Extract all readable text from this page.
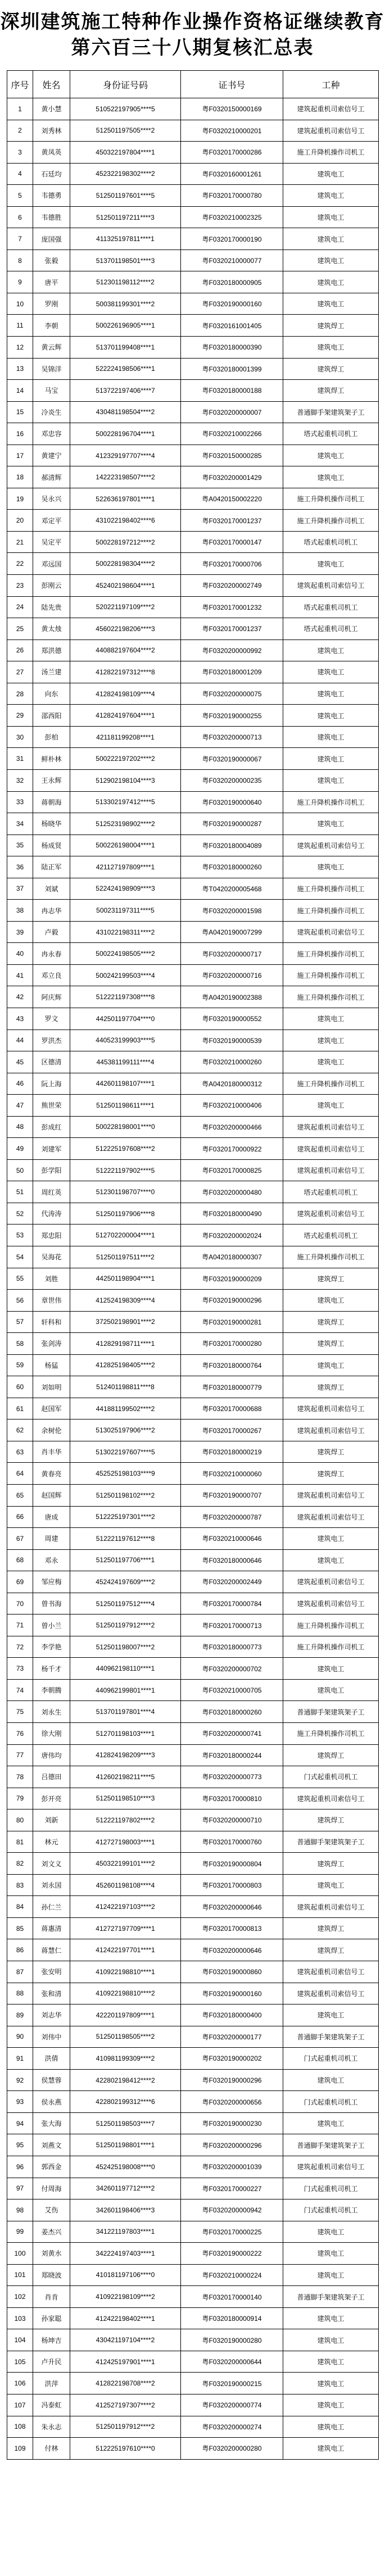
深圳建筑施工特种作业操作资格证继续教育
第六百三十八期复核汇总表
序号	姓名	身份证号码	证书号	工种
1	黄小慧	510522197905****5	粤F0320150000169	建筑起重机司索信号工
2	刘秀林	512501197505****2	粤F0320210000201	建筑起重机司索信号工
3	黄凤英	450322197804****1	粤F0320170000286	施工升降机操作司机工
4	石廷均	452322198302****2	粤F0320160001261	建筑电工
5	韦德勇	512501197601****5	粤F0320170000780	建筑电工
6	韦德胜	512501197211****3	粤F0320210002325	建筑电工
7	庞国强	411325197811****1	粤F0320170000190	建筑电工
8	张毅	513701198501****3	粤F0320210000077	建筑电工
9	唐平	512301198112****2	粤F0320180000905	建筑电工
10	罗刚	500381199301****2	粤F0320190000160	建筑电工
11	李朝	500226196905****1	粤F0320161001405	建筑焊工
12	黄云辉	513701199408****1	粤F0320180000390	建筑电工
13	吴锦洋	522224198506****1	粤F0320180001399	建筑焊工
14	马宝	513722197406****7	粤F0320180000188	建筑焊工
15	冷炎生	430481198504****2	粤F0320200000007	普通脚手架建筑架子工
16	邓忠容	500228196704****1	粤F0320210002266	塔式起重机司机工
17	黄建宁	412329197707****4	粤F0320150000285	建筑电工
18	郝清辉	142223198507****2	粤F0320200001429	建筑电工
19	吴永兴	522636197801****1	粤A0420150002220	施工升降机操作司机工
20	邓定平	431022198402****6	粤F0320170001237	施工升降机操作司机工
21	吴定平	500228197212****2	粤F0320170000147	塔式起重机司机工
22	邓远国	500228198304****2	粤F0320170000706	建筑电工
23	彭刚云	452402198604****1	粤F0320200002749	建筑起重机司索信号工
24	陆先贵	520221197109****2	粤F0320170001232	塔式起重机司机工
25	黄太烛	456022198206****3	粤F0320170001237	塔式起重机司机工
26	郑洪德	440882197604****2	粤F0320200000992	建筑电工
27	汤兰建	412822197312****8	粤F0320180001209	建筑电工
28	向东	412824198109****4	粤F0320200000075	建筑电工
29	邵西阳	412824197604****1	粤F0320190000255	建筑电工
30	彭柏	421181199208****1	粤F0320200000713	建筑电工
31	鲜朴林	500222197202****2	粤F0320190000067	建筑电工
32	王永辉	512902198104****3	粤F0320200000235	建筑电工
33	蒋朝海	513302197412****5	粤F0320190000640	施工升降机操作司机工
34	杨晓华	512523198902****2	粤F0320190000287	建筑电工
35	杨成贤	500226198004****1	粤F0320180004089	建筑起重机司索信号工
36	陆正军	421127197809****1	粤F0320180000260	建筑电工
37	刘斌	522424198909****3	粤T0420200005468	施工升降机操作司机工
38	冉志华	500231197311****5	粤F0320200001598	施工升降机操作司机工
39	卢毅	431022198311****2	粤A0420190007299	建筑起重机司索信号工
40	冉永春	500224198505****2	粤F0320200000717	施工升降机操作司机工
41	邓立良	500242199503****4	粤F0320200000716	施工升降机操作司机工
42	阿庆辉	512221197308****8	粤A0420190002388	施工升降机操作司机工
43	罗文	442501197704****0	粤F0320190000552	建筑电工
44	罗洪杰	440523199903****5	粤F0320190000539	建筑电工
45	区德清	445381199111****4	粤F0320210000260	建筑电工
46	阮上海	442601198107****1	粤A0420180000312	施工升降机操作司机工
47	熊世荣	512501198611****1	粤F0320210000406	建筑电工
48	彭成红	500228198001****0	粤F0320200000466	建筑起重机司索信号工
49	刘建军	512225197608****2	粤F0320170000922	建筑起重机司索信号工
50	彭学阳	512221197902****5	粤F0320170000825	建筑起重机司索信号工
51	周红英	512301198707****0	粤F0320200000480	塔式起重机司机工
52	代涛涛	512501197906****8	粤F0320180000490	建筑起重机司索信号工
53	郑忠阳	512702200004****1	粤F0320200002024	塔式起重机司机工
54	吴海花	512501197511****2	粤A0420180000307	施工升降机操作司机工
55	刘胜	442501198904****1	粤F0320190000209	建筑焊工
56	章世伟	412524198309****4	粤F0320190000296	建筑电工
57	轩科和	372502198901****2	粤F0320190000281	建筑焊工
58	张剑涛	412829198711****1	粤F0320170000280	建筑焊工
59	杨猛	412825198405****2	粤F0320180000764	建筑电工
60	刘如明	512401198811****8	粤F0320180000779	建筑焊工
61	赵国军	441881199502****2	粤F0320170000688	建筑起重机司索信号工
62	余树伦	513025197906****2	粤F0320170000267	建筑起重机司索信号工
63	肖丰华	513022197607****5	粤F0320180000219	建筑焊工
64	黄春亮	452525198103****9	粤F0320210000060	建筑焊工
65	赵国辉	512501198102****2	粤F0320190000707	建筑起重机司索信号工
66	唐成	512225197301****2	粤F0320200000787	建筑起重机司索信号工
67	周建	512221197612****8	粤F0320210000646	建筑电工
68	邓永	512501197706****1	粤F0320180000646	建筑电工
69	邹应梅	452424197609****2	粤F0320200002449	建筑起重机司索信号工
70	曾书海	512501197512****4	粤F0320170000784	建筑起重机司索信号工
71	曾小兰	512501197912****2	粤F0320170000713	施工升降机操作司机工
72	李学艳	512501198007****2	粤F0320180000773	施工升降机操作司机工
73	杨千才	440962198110****1	粤F0320200000702	建筑电工
74	李朝腾	440962199801****1	粤F0320210000705	建筑电工
75	刘永生	513701197801****4	粤F0320180000260	普通脚手架建筑架子工
76	徐大刚	512701198103****1	粤F0320200000741	施工升降机操作司机工
77	唐伟均	412824198209****3	粤F0320180000244	建筑焊工
78	吕德田	412602198211****5	粤F0320200000773	门式起重机司机工
79	彭开亮	512501198510****3	粤F0320170000810	建筑起重机司索信号工
80	刘新	512221197802****2	粤F0320200000710	建筑焊工
81	林元	412727198003****1	粤F0320170000760	普通脚手架建筑架子工
82	刘文义	450322199101****2	粤F0320190000804	建筑焊工
83	刘永国	452601198108****4	粤F0320170000803	建筑电工
84	孙仁兰	412422197103****2	粤F0320200000646	建筑起重机司索信号工
85	蒋惠清	412727197709****1	粤F0320170000813	建筑焊工
86	蒋慧仁	412422197701****1	粤F0320200000646	建筑焊工
87	张安明	410922198810****1	粤F0320190000860	建筑起重机司索信号工
88	张和清	410922198810****2	粤F0320190000160	建筑起重机司索信号工
89	刘志华	422201197809****1	粤F0320180000400	建筑电工
90	刘伟中	512501198505****2	粤F0320200000177	普通脚手架建筑架子工
91	洪倩	410981199309****2	粤F0320190000202	门式起重机司机工
92	侯慧蓉	422802198412****2	粤F0320190000296	建筑电工
93	侯永燕	422802199312****6	粤F0320200000656	门式起重机司机工
94	张大海	512501198503****7	粤F0320190000230	建筑电工
95	刘燕文	512501198801****1	粤F0320200000296	普通脚手架建筑架子工
96	郭西金	452425198008****0	粤F0320200001039	建筑起重机司索信号工
97	付周海	342601197712****2	粤F0320170000227	门式起重机司机工
98	艾伤	342601198406****3	粤F0320200000942	门式起重机司机工
99	姜杰兴	341221197803****1	粤F0320170000225	建筑电工
100	刘黄水	342224197403****1	粤F0320190000222	建筑电工
101	郑晓波	410181197106****0	粤F0320210000224	建筑电工
102	肖肯	410922198109****2	粤F0320170000140	普通脚手架建筑架子工
103	孙家聪	412422198402****1	粤F0320180000914	建筑电工
104	杨坤吉	430421197104****2	粤F0320190000280	建筑电工
105	卢升民	412425197901****1	粤F0320200000644	建筑电工
106	洪萍	412822198708****2	粤F0320190000215	建筑电工
107	冯泰虹	412527197307****2	粤F0320200000774	建筑电工
108	朱永志	512501197912****2	粤F0320200000274	建筑电工
109	付林	512225197610****0	粤F0320200000280	建筑电工
